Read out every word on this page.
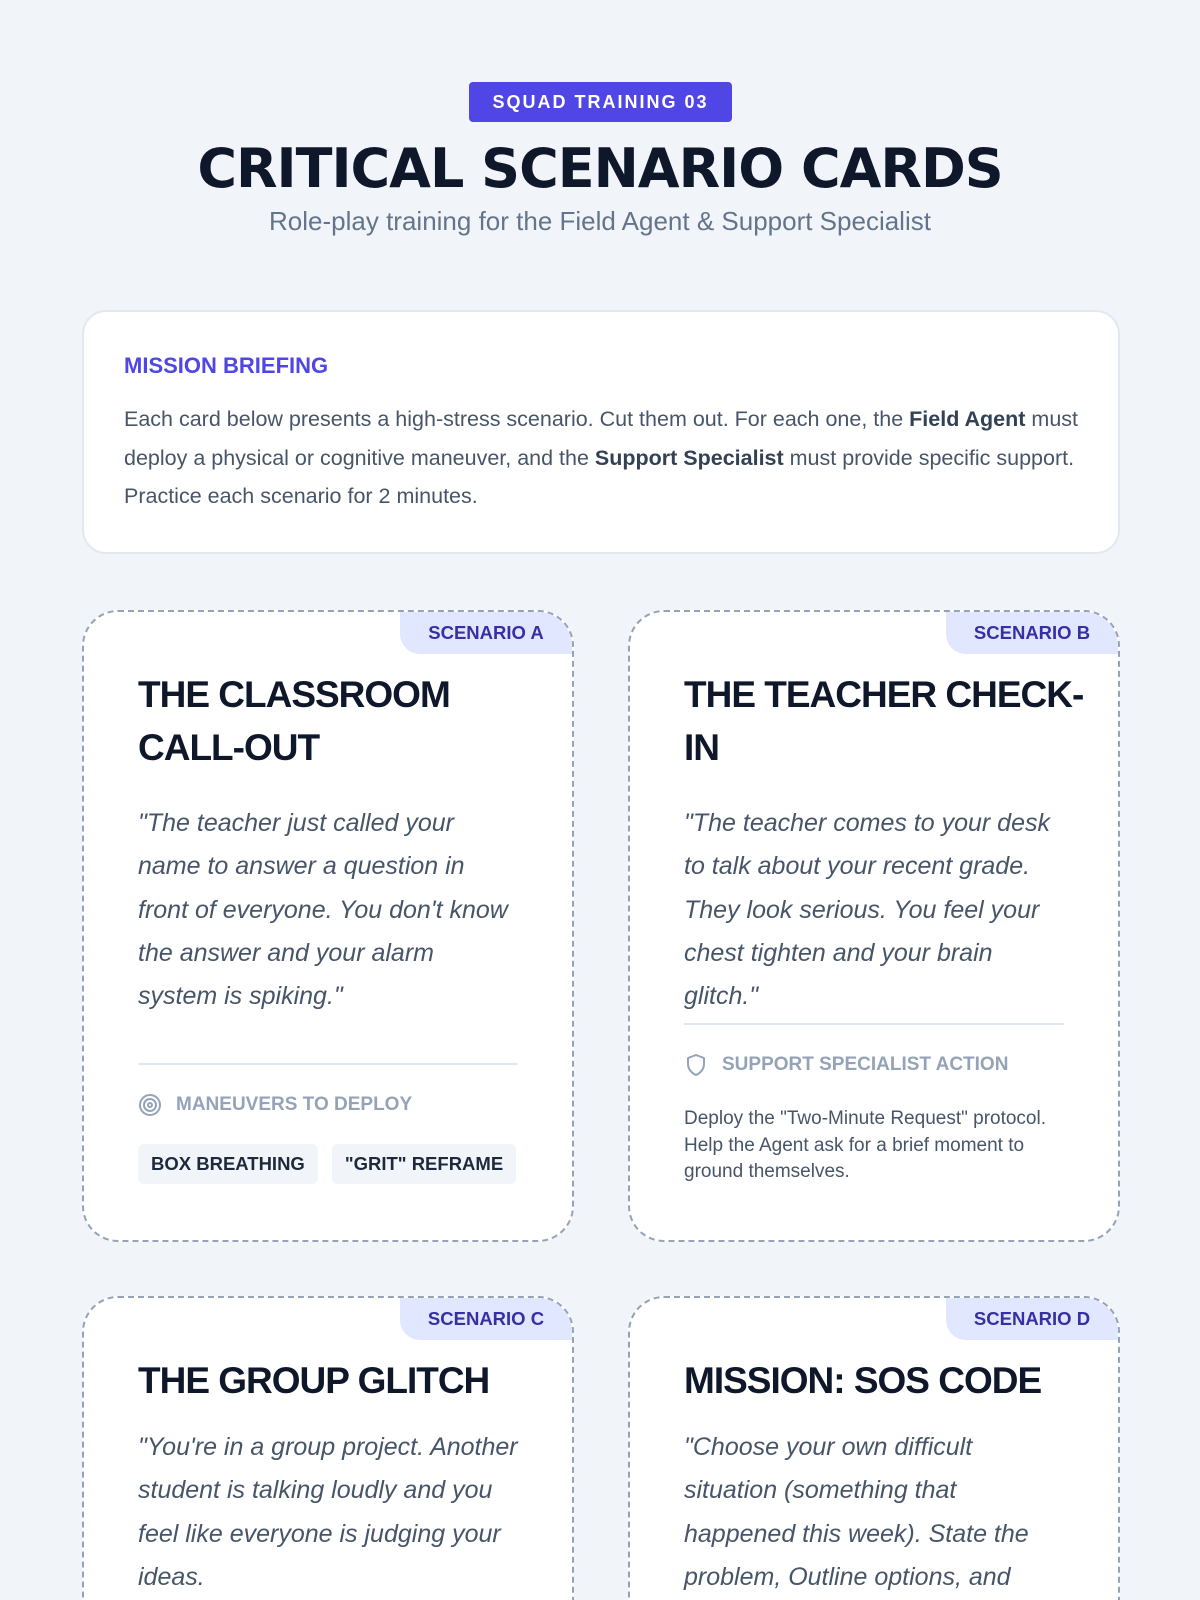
SQUAD TRAINING 03
CRITICAL SCENARIO CARDS
Role-play training for the Field Agent & Support Specialist
MISSION BRIEFING

Each card below presents a high-stress scenario. Cut them out. For each one, the Field Agent must deploy a physical or cognitive maneuver, and the Support Specialist must provide specific support. Practice each scenario for 2 minutes.

SCENARIO A
THE CLASSROOM CALL-OUT

"The teacher just called your name to answer a question in front of everyone. You don't know the answer and your alarm system is spiking."

MANEUVERS TO DEPLOY
BOX BREATHING	"GRIT" REFRAME
SCENARIO B
THE TEACHER CHECK-IN

"The teacher comes to your desk to talk about your recent grade. They look serious. You feel your chest tighten and your brain glitch."

SUPPORT SPECIALIST ACTION

Deploy the "Two-Minute Request" protocol. Help the Agent ask for a brief moment to ground themselves.

SCENARIO C
THE GROUP GLITCH

"You're in a group project. Another student is talking loudly and you feel like everyone is judging your ideas.

SCENARIO D
MISSION: SOS CODE

"Choose your own difficult situation (something that happened this week). State the problem, Outline options, and
